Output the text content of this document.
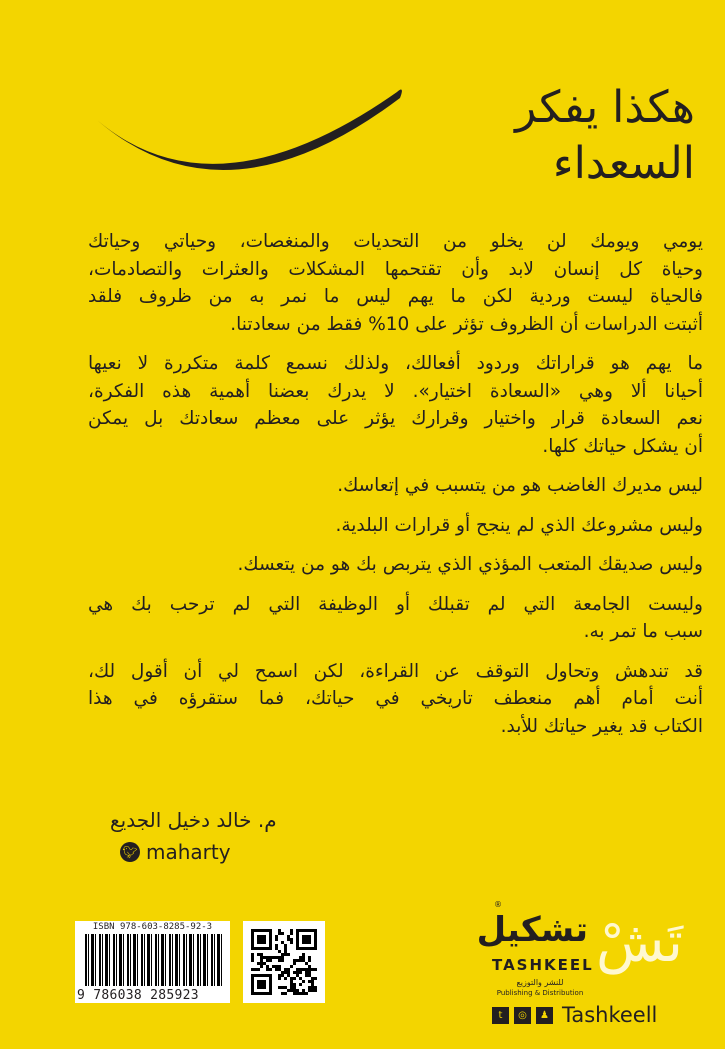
هكذا يفكر
السعداء
يومي ويومك لن يخلو من التحديات والمنغصات، وحياتي وحياتك
وحياة كل إنسان لابد وأن تقتحمها المشكلات والعثرات والتصادمات،
فالحياة ليست وردية لكن ما يهم ليس ما نمر به من ظروف فلقد
أثبتت الدراسات أن الظروف تؤثر على 10% فقط من سعادتنا.
ما يهم هو قراراتك وردود أفعالك، ولذلك نسمع كلمة متكررة لا نعيها
أحيانا ألا وهي «السعادة اختيار». لا يدرك بعضنا أهمية هذه الفكرة،
نعم السعادة قرار واختيار وقرارك يؤثر على معظم سعادتك بل يمكن
أن يشكل حياتك كلها.
ليس مديرك الغاضب هو من يتسبب في إتعاسك.
وليس مشروعك الذي لم ينجح أو قرارات البلدية.
وليس صديقك المتعب المؤذي الذي يتربص بك هو من يتعسك.
وليست الجامعة التي لم تقبلك أو الوظيفة التي لم ترحب بك هي
سبب ما تمر به.
قد تندهش وتحاول التوقف عن القراءة، لكن اسمح لي أن أقول لك،
أنت أمام أهم منعطف تاريخي في حياتك، فما ستقرؤه في هذا
الكتاب قد يغير حياتك للأبد.
م. خالد دخيل الجديع
🐦︎ maharty
ISBN 978-603-8285-92-3
9 786038 285923
®
تشكيل
TASHKEEL
للنشر والتوزيع
Publishing & Distribution
تَشْ
t	◎	♟ Tashkeell
